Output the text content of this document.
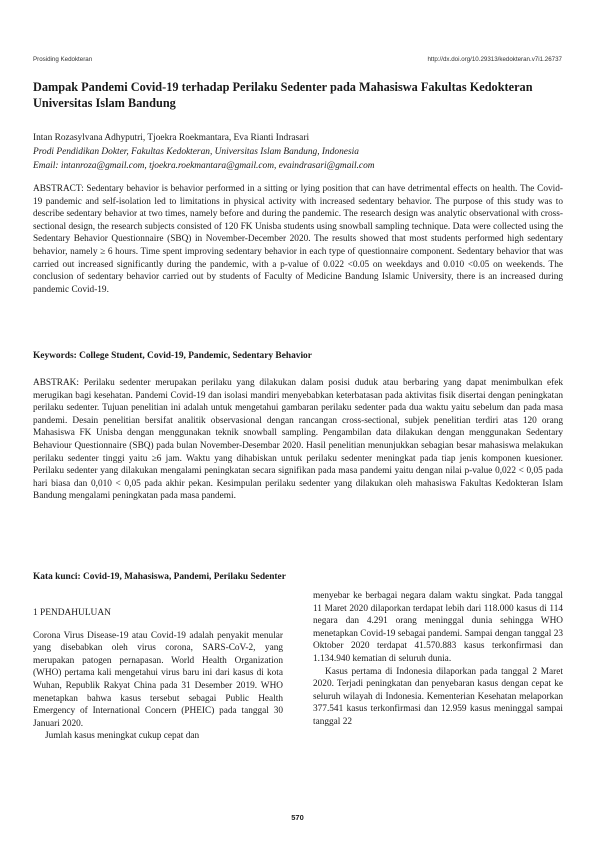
Prosiding Kedokteran	http://dx.doi.org/10.29313/kedokteran.v7i1.26737
Dampak Pandemi Covid-19 terhadap Perilaku Sedenter pada Mahasiswa Fakultas Kedokteran Universitas Islam Bandung
Intan Rozasylvana Adhyputri, Tjoekra Roekmantara, Eva Rianti Indrasari
Prodi Pendidikan Dokter, Fakultas Kedokteran, Universitas Islam Bandung, Indonesia
Email: intanroza@gmail.com, tjoekra.roekmantara@gmail.com, evaindrasari@gmail.com

ABSTRACT: Sedentary behavior is behavior performed in a sitting or lying position that can have detrimental effects on health. The Covid-19 pandemic and self-isolation led to limitations in physical activity with increased sedentary behavior. The purpose of this study was to describe sedentary behavior at two times, namely before and during the pandemic. The research design was analytic observational with cross-sectional design, the research subjects consisted of 120 FK Unisba students using snowball sampling technique. Data were collected using the Sedentary Behavior Questionnaire (SBQ) in November-December 2020. The results showed that most students performed high sedentary behavior, namely ≥ 6 hours. Time spent improving sedentary behavior in each type of questionnaire component. Sedentary behavior that was carried out increased significantly during the pandemic, with a p-value of 0.022 <0.05 on weekdays and 0.010 <0.05 on weekends. The conclusion of sedentary behavior carried out by students of Faculty of Medicine Bandung Islamic University, there is an increased during pandemic Covid-19.

Keywords: College Student, Covid-19, Pandemic, Sedentary Behavior

ABSTRAK: Perilaku sedenter merupakan perilaku yang dilakukan dalam posisi duduk atau berbaring yang dapat menimbulkan efek merugikan bagi kesehatan. Pandemi Covid-19 dan isolasi mandiri menyebabkan keterbatasan pada aktivitas fisik disertai dengan peningkatan perilaku sedenter. Tujuan penelitian ini adalah untuk mengetahui gambaran perilaku sedenter pada dua waktu yaitu sebelum dan pada masa pandemi. Desain penelitian bersifat analitik observasional dengan rancangan cross-sectional, subjek penelitian terdiri atas 120 orang Mahasiswa FK Unisba dengan menggunakan teknik snowball sampling. Pengambilan data dilakukan dengan menggunakan Sedentary Behaviour Questionnaire (SBQ) pada bulan November-Desembar 2020. Hasil penelitian menunjukkan sebagian besar mahasiswa melakukan perilaku sedenter tinggi yaitu ≥6 jam. Waktu yang dihabiskan untuk perilaku sedenter meningkat pada tiap jenis komponen kuesioner. Perilaku sedenter yang dilakukan mengalami peningkatan secara signifikan pada masa pandemi yaitu dengan nilai p-value 0,022 < 0,05 pada hari biasa dan 0,010 < 0,05 pada akhir pekan. Kesimpulan perilaku sedenter yang dilakukan oleh mahasiswa Fakultas Kedokteran Islam Bandung mengalami peningkatan pada masa pandemi.

Kata kunci: Covid-19, Mahasiswa, Pandemi, Perilaku Sedenter

1 PENDAHULUAN

Corona Virus Disease-19 atau Covid-19 adalah penyakit menular yang disebabkan oleh virus corona, SARS-CoV-2, yang merupakan patogen pernapasan. World Health Organization (WHO) pertama kali mengetahui virus baru ini dari kasus di kota Wuhan, Republik Rakyat China pada 31 Desember 2019. WHO menetapkan bahwa kasus tersebut sebagai Public Health Emergency of International Concern (PHEIC) pada tanggal 30 Januari 2020.

Jumlah kasus meningkat cukup cepat dan

menyebar ke berbagai negara dalam waktu singkat. Pada tanggal 11 Maret 2020 dilaporkan terdapat lebih dari 118.000 kasus di 114 negara dan 4.291 orang meninggal dunia sehingga WHO menetapkan Covid-19 sebagai pandemi. Sampai dengan tanggal 23 Oktober 2020 terdapat 41.570.883 kasus terkonfirmasi dan 1.134.940 kematian di seluruh dunia.

Kasus pertama di Indonesia dilaporkan pada tanggal 2 Maret 2020. Terjadi peningkatan dan penyebaran kasus dengan cepat ke seluruh wilayah di Indonesia. Kementerian Kesehatan melaporkan 377.541 kasus terkonfirmasi dan 12.959 kasus meninggal sampai tanggal 22

570
